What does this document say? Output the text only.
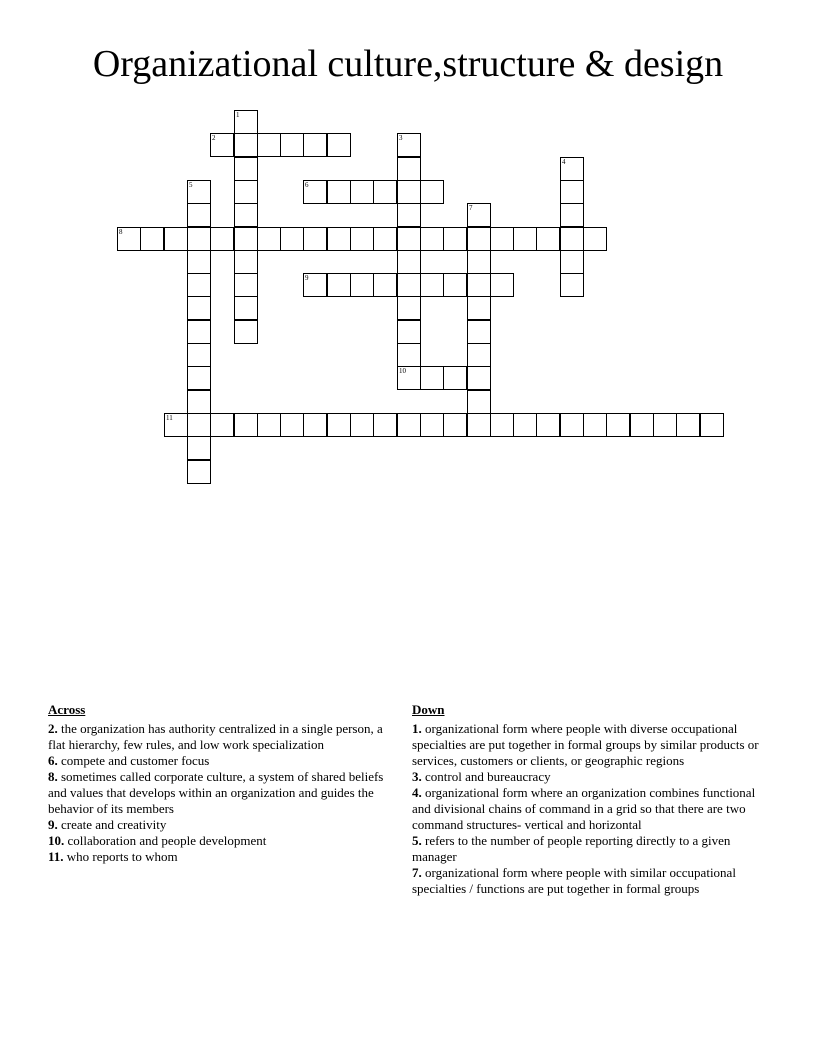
Organizational culture,structure & design
1
2	3
4
5	6
7
8
9
10
11
Across

2. the organization has authority centralized in a single person, a flat hierarchy, few rules, and low work specialization

6. compete and customer focus

8. sometimes called corporate culture, a system of shared beliefs and values that develops within an organization and guides the behavior of its members

9. create and creativity

10. collaboration and people development

11. who reports to whom

Down

1. organizational form where people with diverse occupational specialties are put together in formal groups by similar products or services, customers or clients, or geographic regions

3. control and bureaucracy

4. organizational form where an organization combines functional and divisional chains of command in a grid so that there are two command structures- vertical and horizontal

5. refers to the number of people reporting directly to a given manager

7. organizational form where people with similar occupational specialties / functions are put together in formal groups
